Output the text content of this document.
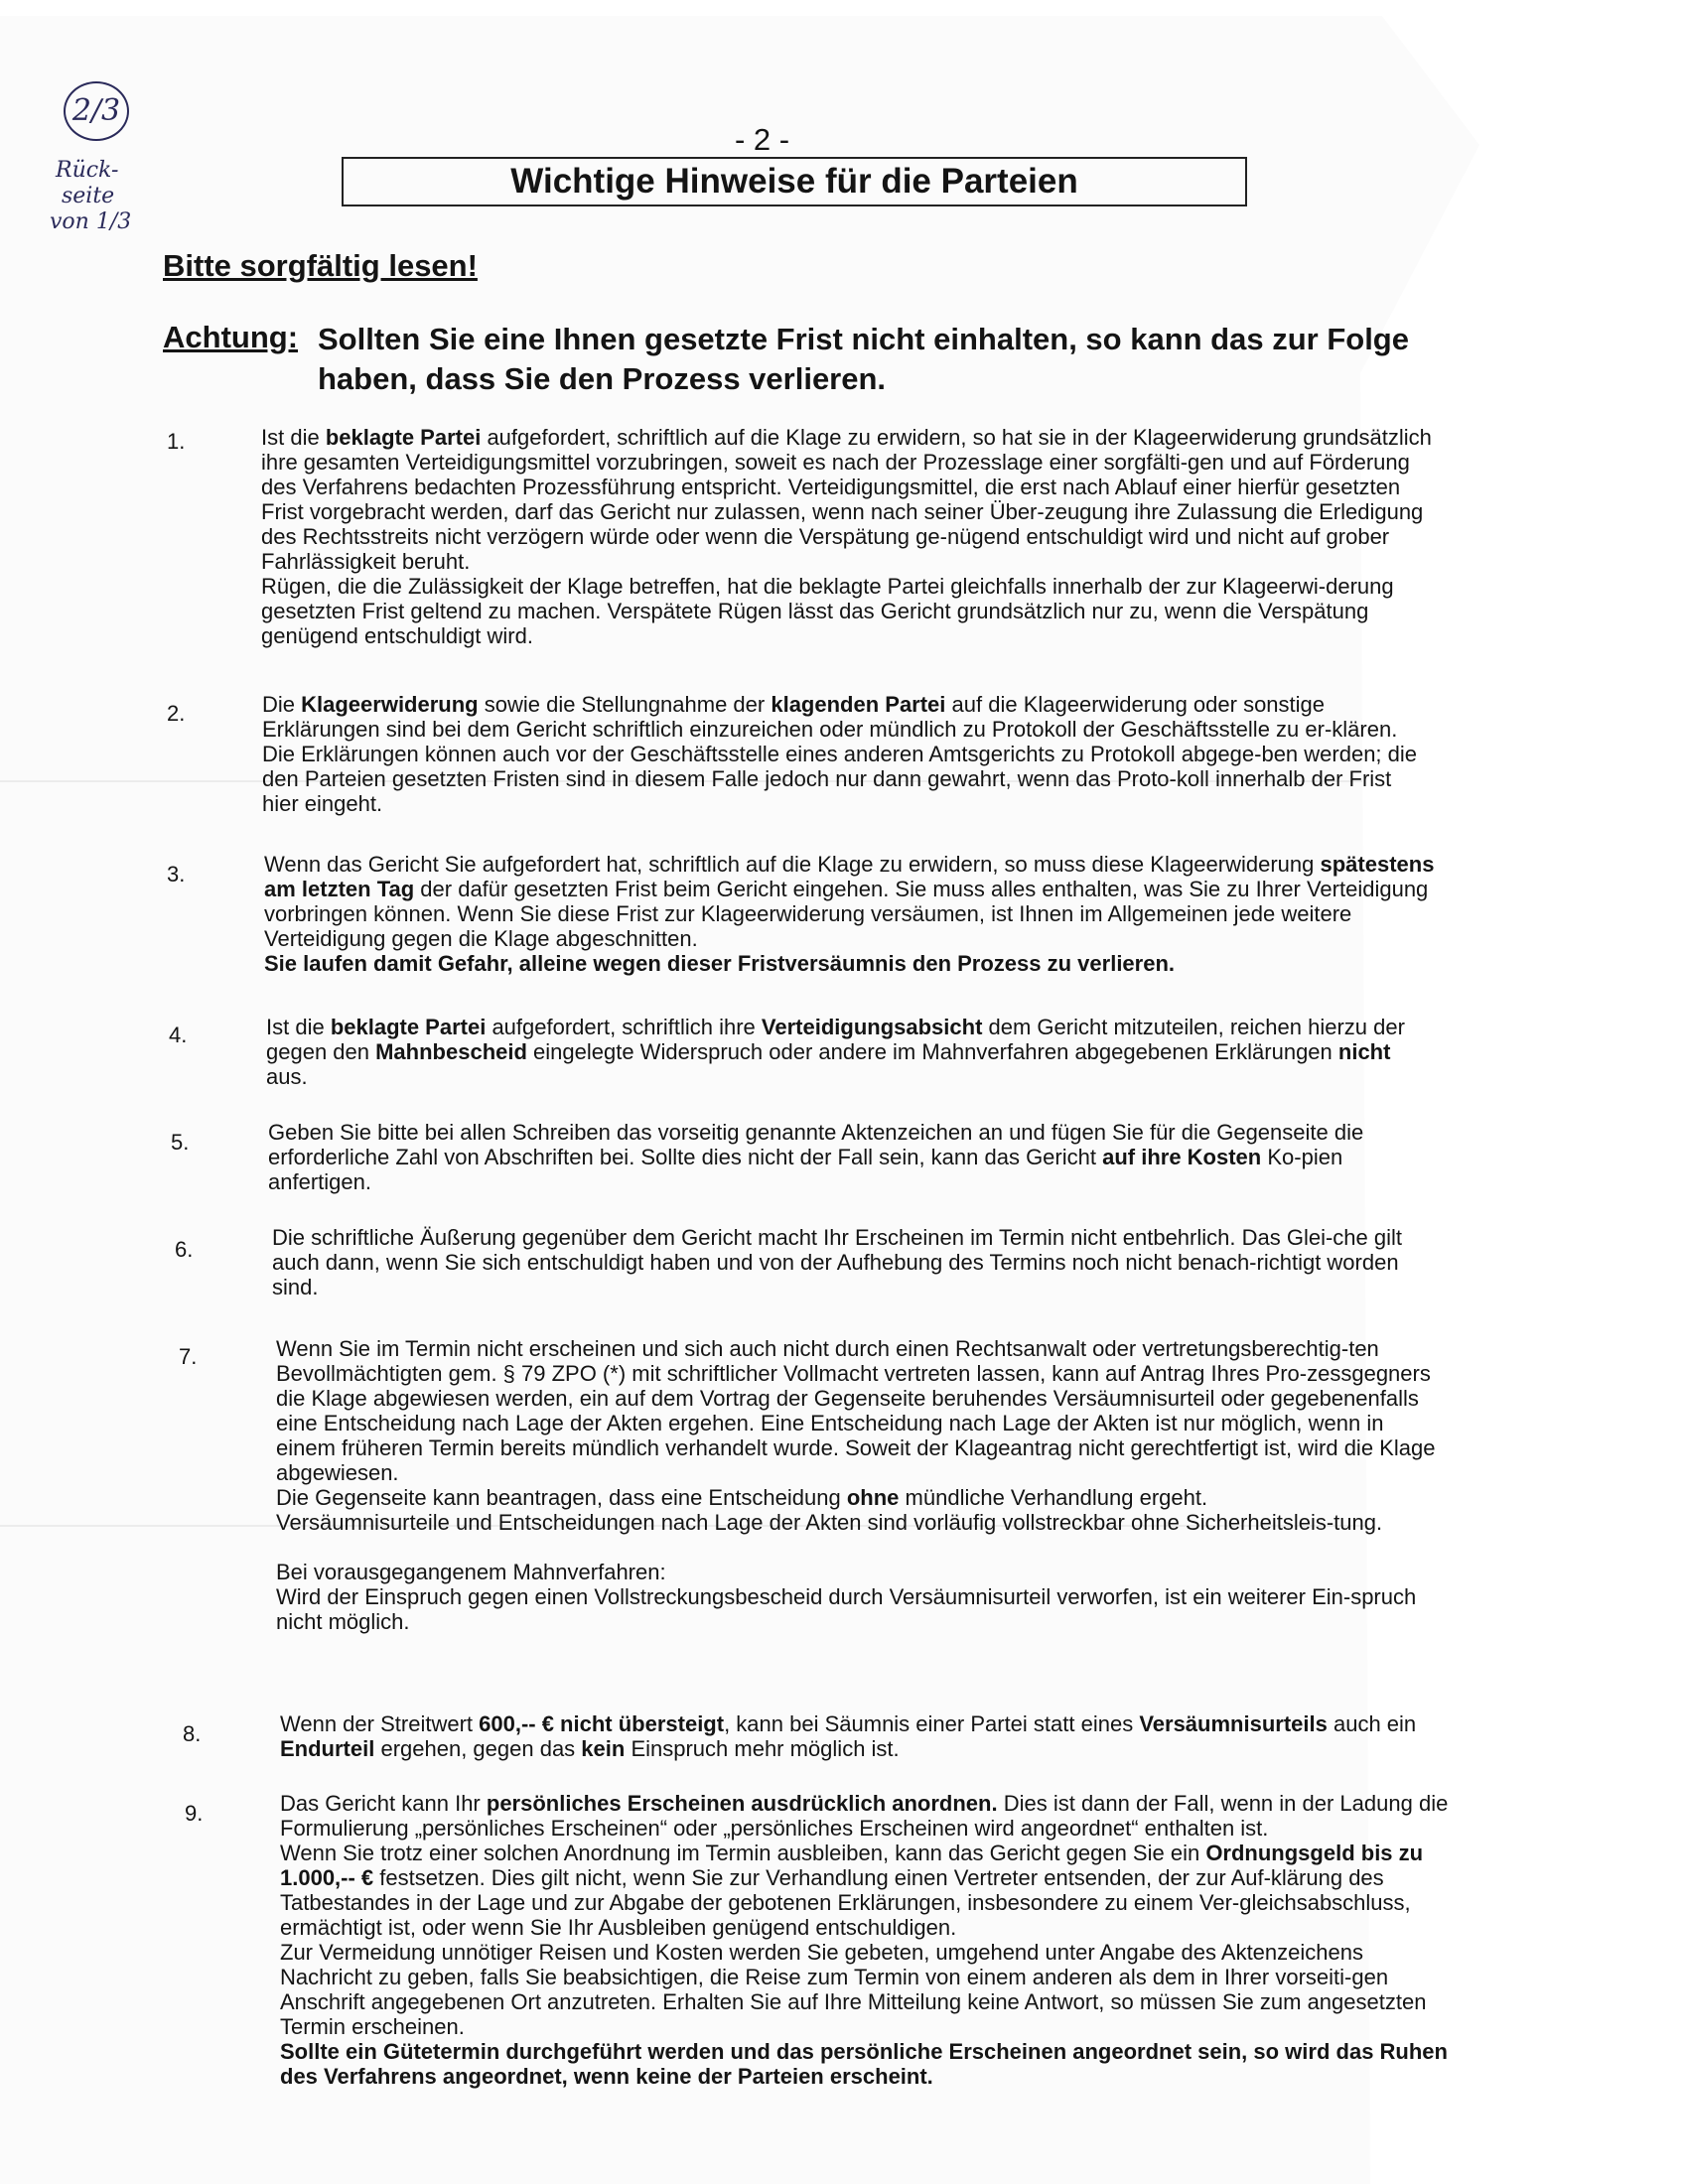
2/3
Rück-
seite
von 1/3
- 2 -
Wichtige Hinweise für die Parteien
Bitte sorgfältig lesen!
Achtung: Sollten Sie eine Ihnen gesetzte Frist nicht einhalten, so kann das zur Folge haben, dass Sie den Prozess verlieren.
1.	Ist die beklagte Partei aufgefordert, schriftlich auf die Klage zu erwidern, so hat sie in der Klageerwiderung grundsätzlich ihre gesamten Verteidigungsmittel vorzubringen, soweit es nach der Prozesslage einer sorgfälti-gen und auf Förderung des Verfahrens bedachten Prozessführung entspricht. Verteidigungsmittel, die erst nach Ablauf einer hierfür gesetzten Frist vorgebracht werden, darf das Gericht nur zulassen, wenn nach seiner Über-zeugung ihre Zulassung die Erledigung des Rechtsstreits nicht verzögern würde oder wenn die Verspätung ge-nügend entschuldigt wird und nicht auf grober Fahrlässigkeit beruht.

Rügen, die die Zulässigkeit der Klage betreffen, hat die beklagte Partei gleichfalls innerhalb der zur Klageerwi-derung gesetzten Frist geltend zu machen. Verspätete Rügen lässt das Gericht grundsätzlich nur zu, wenn die Verspätung genügend entschuldigt wird.

2.	Die Klageerwiderung sowie die Stellungnahme der klagenden Partei auf die Klageerwiderung oder sonstige Erklärungen sind bei dem Gericht schriftlich einzureichen oder mündlich zu Protokoll der Geschäftsstelle zu er-klären. Die Erklärungen können auch vor der Geschäftsstelle eines anderen Amtsgerichts zu Protokoll abgege-ben werden; die den Parteien gesetzten Fristen sind in diesem Falle jedoch nur dann gewahrt, wenn das Proto-koll innerhalb der Frist hier eingeht.

3.	Wenn das Gericht Sie aufgefordert hat, schriftlich auf die Klage zu erwidern, so muss diese Klageerwiderung spätestens am letzten Tag der dafür gesetzten Frist beim Gericht eingehen. Sie muss alles enthalten, was Sie zu Ihrer Verteidigung vorbringen können. Wenn Sie diese Frist zur Klageerwiderung versäumen, ist Ihnen im Allgemeinen jede weitere Verteidigung gegen die Klage abgeschnitten.

Sie laufen damit Gefahr, alleine wegen dieser Fristversäumnis den Prozess zu verlieren.

4.	Ist die beklagte Partei aufgefordert, schriftlich ihre Verteidigungsabsicht dem Gericht mitzuteilen, reichen hierzu der gegen den Mahnbescheid eingelegte Widerspruch oder andere im Mahnverfahren abgegebenen Erklärungen nicht aus.

5.	Geben Sie bitte bei allen Schreiben das vorseitig genannte Aktenzeichen an und fügen Sie für die Gegenseite die erforderliche Zahl von Abschriften bei. Sollte dies nicht der Fall sein, kann das Gericht auf ihre Kosten Ko-pien anfertigen.

6.	Die schriftliche Äußerung gegenüber dem Gericht macht Ihr Erscheinen im Termin nicht entbehrlich. Das Glei-che gilt auch dann, wenn Sie sich entschuldigt haben und von der Aufhebung des Termins noch nicht benach-richtigt worden sind.

7.	Wenn Sie im Termin nicht erscheinen und sich auch nicht durch einen Rechtsanwalt oder vertretungsberechtig-ten Bevollmächtigten gem. § 79 ZPO (*) mit schriftlicher Vollmacht vertreten lassen, kann auf Antrag Ihres Pro-zessgegners die Klage abgewiesen werden, ein auf dem Vortrag der Gegenseite beruhendes Versäumnisurteil oder gegebenenfalls eine Entscheidung nach Lage der Akten ergehen. Eine Entscheidung nach Lage der Akten ist nur möglich, wenn in einem früheren Termin bereits mündlich verhandelt wurde. Soweit der Klageantrag nicht gerechtfertigt ist, wird die Klage abgewiesen.

Die Gegenseite kann beantragen, dass eine Entscheidung ohne mündliche Verhandlung ergeht.

Versäumnisurteile und Entscheidungen nach Lage der Akten sind vorläufig vollstreckbar ohne Sicherheitsleis-tung.

Bei vorausgegangenem Mahnverfahren:

Wird der Einspruch gegen einen Vollstreckungsbescheid durch Versäumnisurteil verworfen, ist ein weiterer Ein-spruch nicht möglich.

8.	Wenn der Streitwert 600,-- € nicht übersteigt, kann bei Säumnis einer Partei statt eines Versäumnisurteils auch ein Endurteil ergehen, gegen das kein Einspruch mehr möglich ist.

9.	Das Gericht kann Ihr persönliches Erscheinen ausdrücklich anordnen. Dies ist dann der Fall, wenn in der Ladung die Formulierung „persönliches Erscheinen“ oder „persönliches Erscheinen wird angeordnet“ enthalten ist.

Wenn Sie trotz einer solchen Anordnung im Termin ausbleiben, kann das Gericht gegen Sie ein Ordnungsgeld bis zu 1.000,-- € festsetzen. Dies gilt nicht, wenn Sie zur Verhandlung einen Vertreter entsenden, der zur Auf-klärung des Tatbestandes in der Lage und zur Abgabe der gebotenen Erklärungen, insbesondere zu einem Ver-gleichsabschluss, ermächtigt ist, oder wenn Sie Ihr Ausbleiben genügend entschuldigen.

Zur Vermeidung unnötiger Reisen und Kosten werden Sie gebeten, umgehend unter Angabe des Aktenzeichens Nachricht zu geben, falls Sie beabsichtigen, die Reise zum Termin von einem anderen als dem in Ihrer vorseiti-gen Anschrift angegebenen Ort anzutreten. Erhalten Sie auf Ihre Mitteilung keine Antwort, so müssen Sie zum angesetzten Termin erscheinen.

Sollte ein Gütetermin durchgeführt werden und das persönliche Erscheinen angeordnet sein, so wird das Ruhen des Verfahrens angeordnet, wenn keine der Parteien erscheint.
